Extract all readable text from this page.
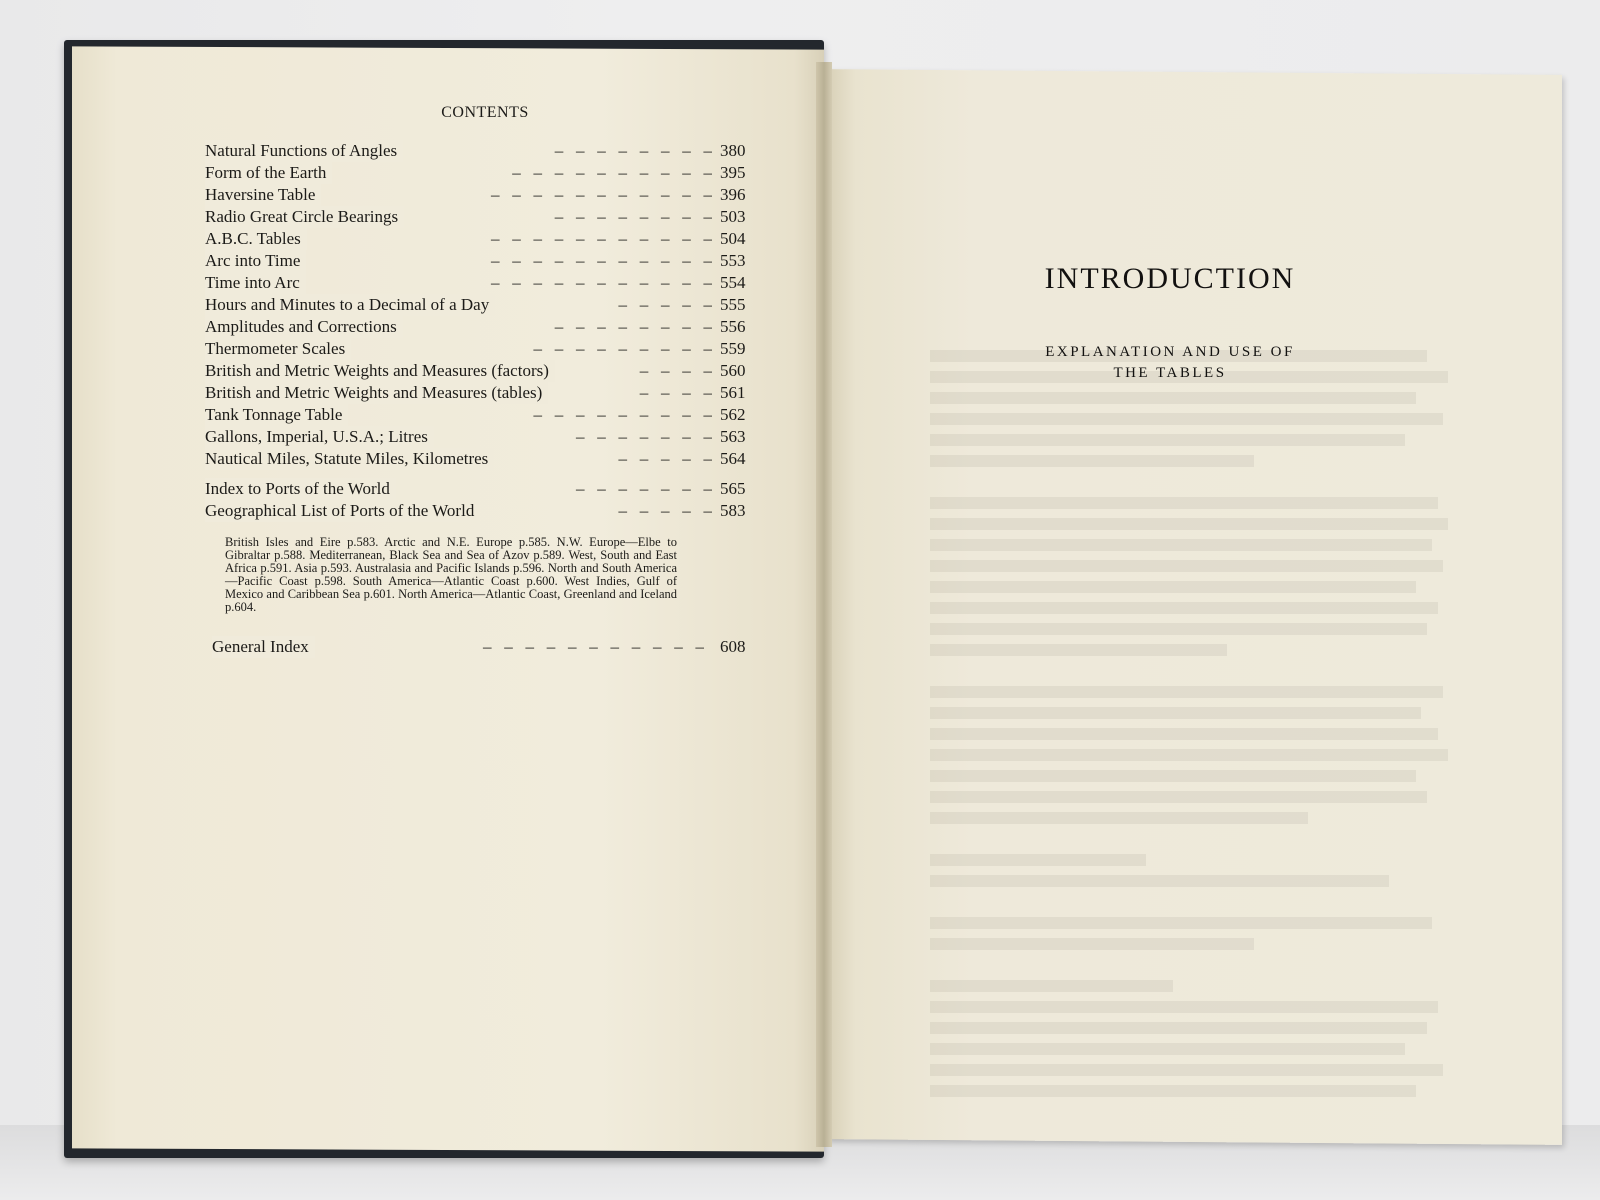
CONTENTS
–   –   –   –   –   –   –   –
Natural Functions of Angles	380
–   –   –   –   –   –   –   –   –   –
Form of the Earth	395
–   –   –   –   –   –   –   –   –   –   –
Haversine Table	396
–   –   –   –   –   –   –   –
Radio Great Circle Bearings	503
–   –   –   –   –   –   –   –   –   –   –
A.B.C. Tables	504
–   –   –   –   –   –   –   –   –   –   –
Arc into Time	553
–   –   –   –   –   –   –   –   –   –   –
Time into Arc	554
–   –   –   –   –
Hours and Minutes to a Decimal of a Day	555
–   –   –   –   –   –   –   –
Amplitudes and Corrections	556
–   –   –   –   –   –   –   –   –
Thermometer Scales	559
–   –   –   –
British and Metric Weights and Measures (factors)	560
–   –   –   –
British and Metric Weights and Measures (tables)	561
–   –   –   –   –   –   –   –   –
Tank Tonnage Table	562
–   –   –   –   –   –   –
Gallons, Imperial, U.S.A.; Litres	563
–   –   –   –   –
Nautical Miles, Statute Miles, Kilometres	564
–   –   –   –   –   –   –
Index to Ports of the World	565
–   –   –   –   –
Geographical List of Ports of the World	583
British Isles and Eire p.583. Arctic and N.E. Europe p.585. N.W. Europe—Elbe to Gibraltar p.588. Mediterranean, Black Sea and Sea of Azov p.589. West, South and East Africa p.591. Asia p.593. Australasia and Pacific Islands p.596. North and South America—Pacific Coast p.598. South America—Atlantic Coast p.600. West Indies, Gulf of Mexico and Caribbean Sea p.601. North America—Atlantic Coast, Greenland and Iceland p.604.
–   –   –   –   –   –   –   –   –   –   –
General Index	608
INTRODUCTION
EXPLANATION AND USE OF
THE TABLES
